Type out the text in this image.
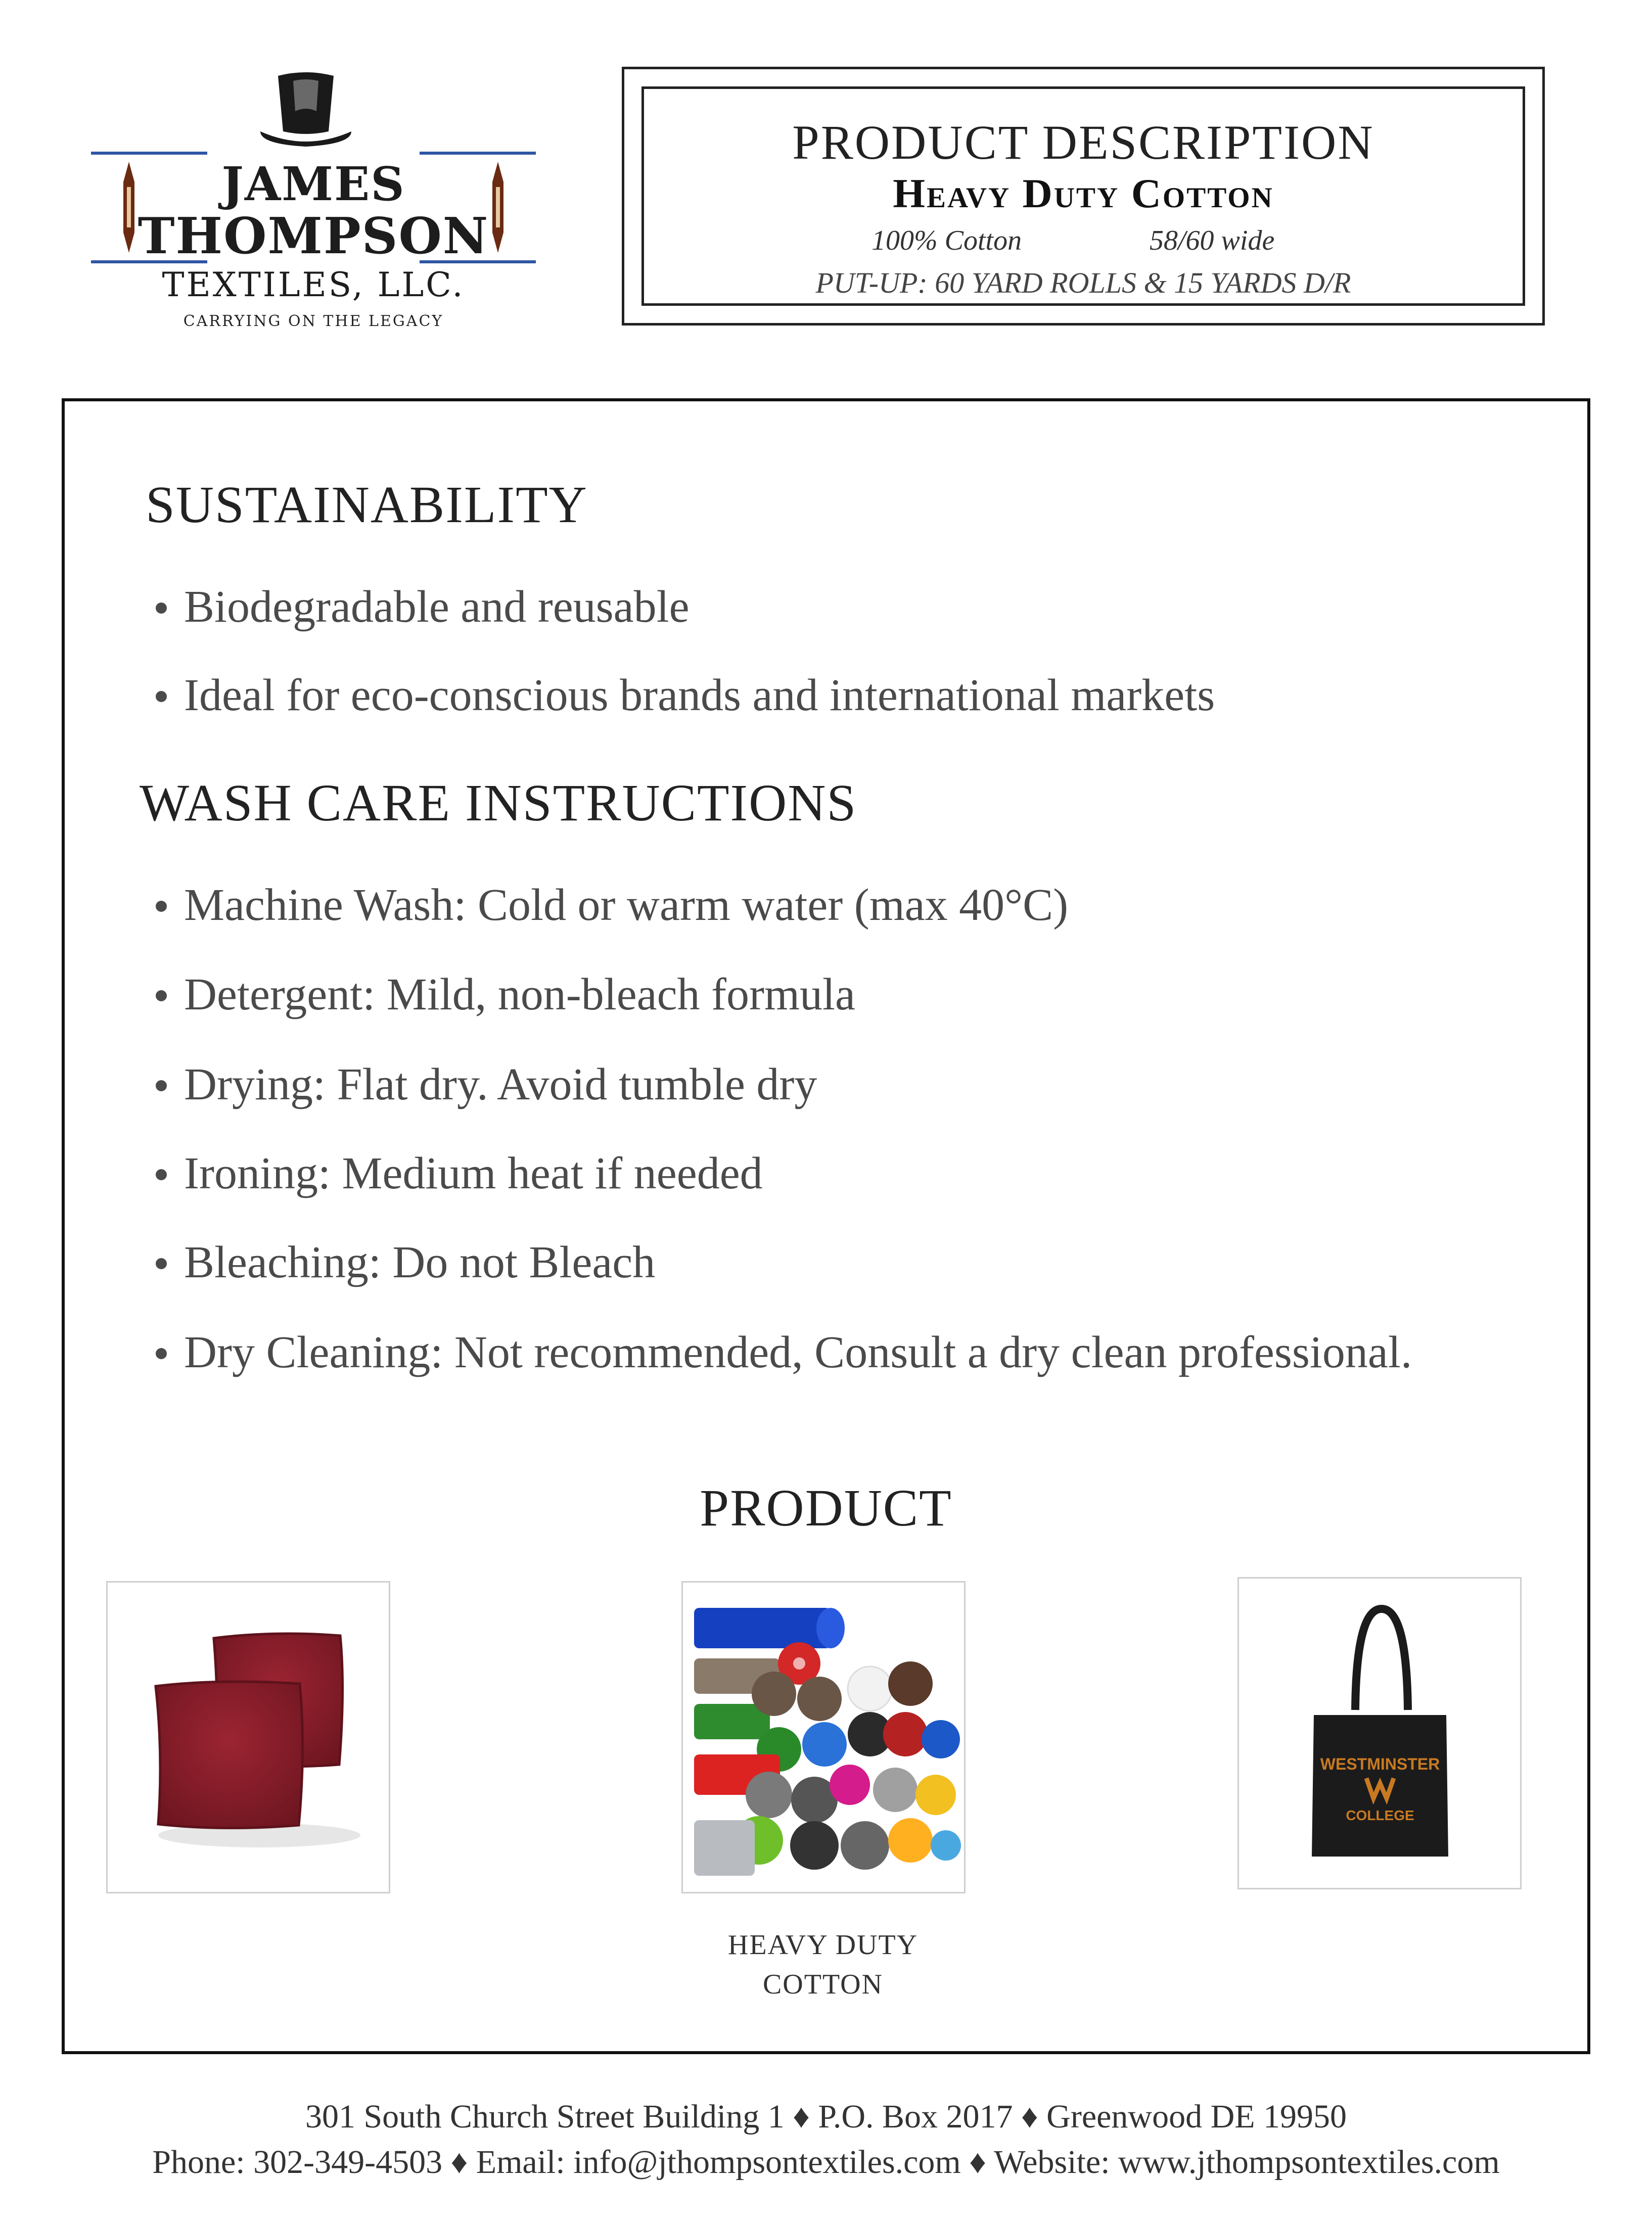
JAMES
THOMPSON
TEXTILES, LLC.
CARRYING ON THE LEGACY
PRODUCT DESCRIPTION
Heavy Duty Cotton
100% Cotton	58/60 wide
PUT-UP: 60 YARD ROLLS & 15 YARDS D/R
SUSTAINABILITY
Biodegradable and reusable
Ideal for eco-conscious brands and international markets
WASH CARE INSTRUCTIONS
Machine Wash: Cold or warm water (max 40°C)
Detergent: Mild, non-bleach formula
Drying: Flat dry. Avoid tumble dry
Ironing: Medium heat if needed
Bleaching: Do not Bleach
Dry Cleaning: Not recommended, Consult a dry clean professional.
PRODUCT
WESTMINSTER
COLLEGE
HEAVY DUTY
COTTON
301 South Church Street Building 1 ♦ P.O. Box 2017 ♦ Greenwood DE 19950
Phone: 302-349-4503 ♦ Email: info@jthompsontextiles.com ♦ Website: www.jthompsontextiles.com
